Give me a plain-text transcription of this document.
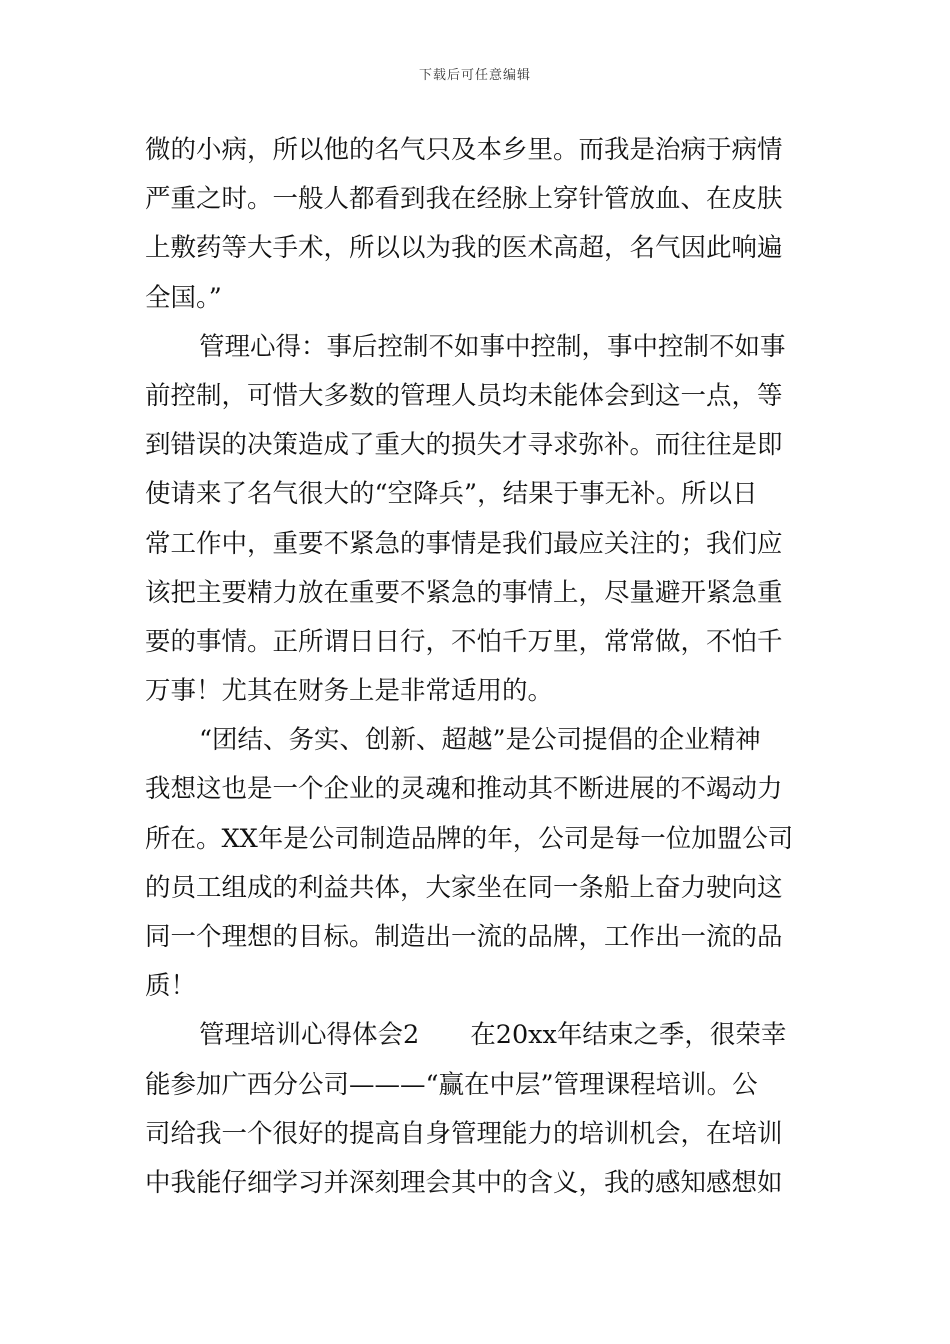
下载后可任意编辑
微的小病，所以他的名气只及本乡里。而我是治病于病情
严重之时。一般人都看到我在经脉上穿针管放血、在皮肤
上敷药等大手术，所以以为我的医术高超，名气因此响遍
全国。”
管理心得：事后控制不如事中控制，事中控制不如事
前控制，可惜大多数的管理人员均未能体会到这一点，等
到错误的决策造成了重大的损失才寻求弥补。而往往是即
使请来了名气很大的“空降兵”，结果于事无补。所以日
常工作中，重要不紧急的事情是我们最应关注的；我们应
该把主要精力放在重要不紧急的事情上，尽量避开紧急重
要的事情。正所谓日日行，不怕千万里，常常做，不怕千
万事！尤其在财务上是非常适用的。
“团结、务实、创新、超越”是公司提倡的企业精神
我想这也是一个企业的灵魂和推动其不断进展的不竭动力
所在。XX年是公司制造品牌的年，公司是每一位加盟公司
的员工组成的利益共体，大家坐在同一条船上奋力驶向这
同一个理想的目标。制造出一流的品牌，工作出一流的品
质！
管理培训心得体会2　　在20xx年结束之季，很荣幸
能参加广西分公司———“赢在中层”管理课程培训。公
司给我一个很好的提高自身管理能力的培训机会，在培训
中我能仔细学习并深刻理会其中的含义，我的感知感想如
